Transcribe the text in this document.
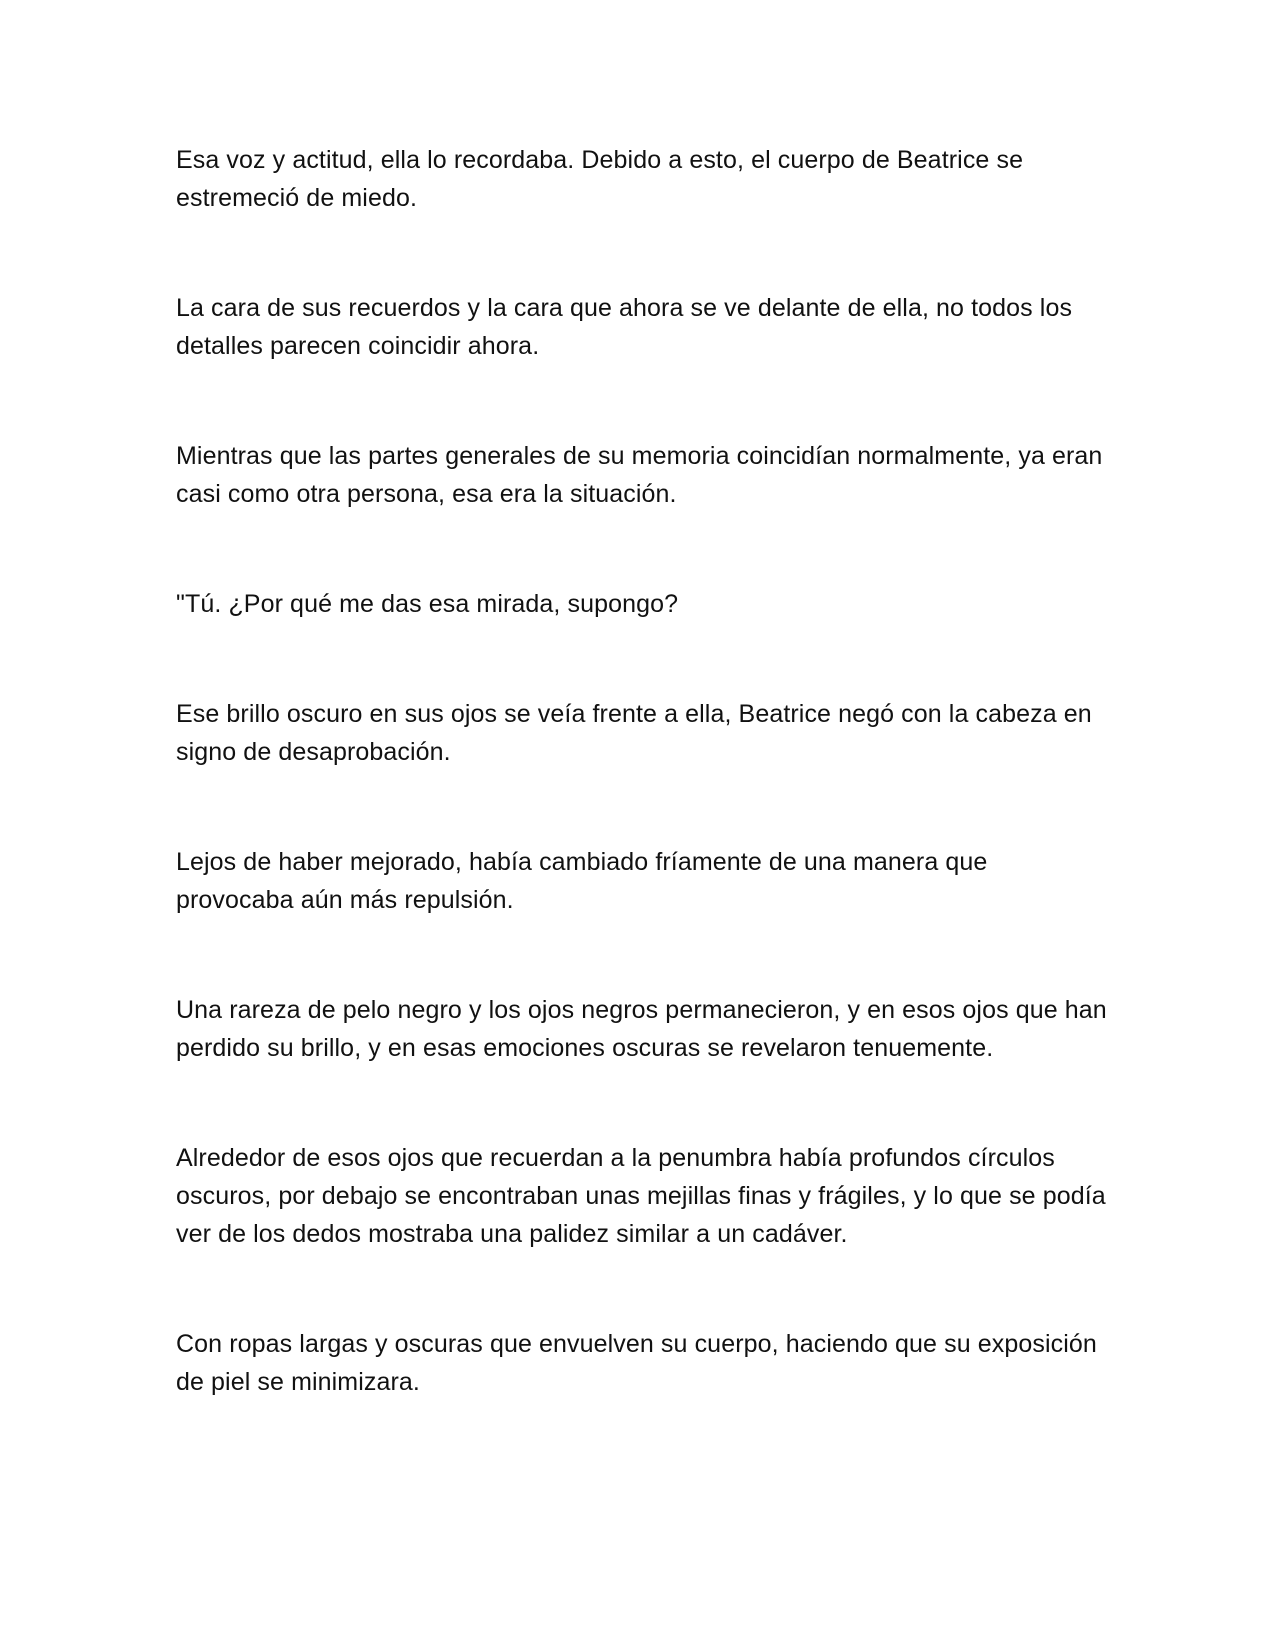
Esa voz y actitud, ella lo recordaba. Debido a esto, el cuerpo de Beatrice se estremeció de miedo.

La cara de sus recuerdos y la cara que ahora se ve delante de ella, no todos los detalles parecen coincidir ahora.

Mientras que las partes generales de su memoria coincidían normalmente, ya eran casi como otra persona, esa era la situación.

"Tú. ¿Por qué me das esa mirada, supongo?

Ese brillo oscuro en sus ojos se veía frente a ella, Beatrice negó con la cabeza en signo de desaprobación.

Lejos de haber mejorado, había cambiado fríamente de una manera que provocaba aún más repulsión.

Una rareza de pelo negro y los ojos negros permanecieron, y en esos ojos que han perdido su brillo, y en esas emociones oscuras se revelaron tenuemente.

Alrededor de esos ojos que recuerdan a la penumbra había profundos círculos oscuros, por debajo se encontraban unas mejillas finas y frágiles, y lo que se podía ver de los dedos mostraba una palidez similar a un cadáver.

Con ropas largas y oscuras que envuelven su cuerpo, haciendo que su exposición de piel se minimizara.
